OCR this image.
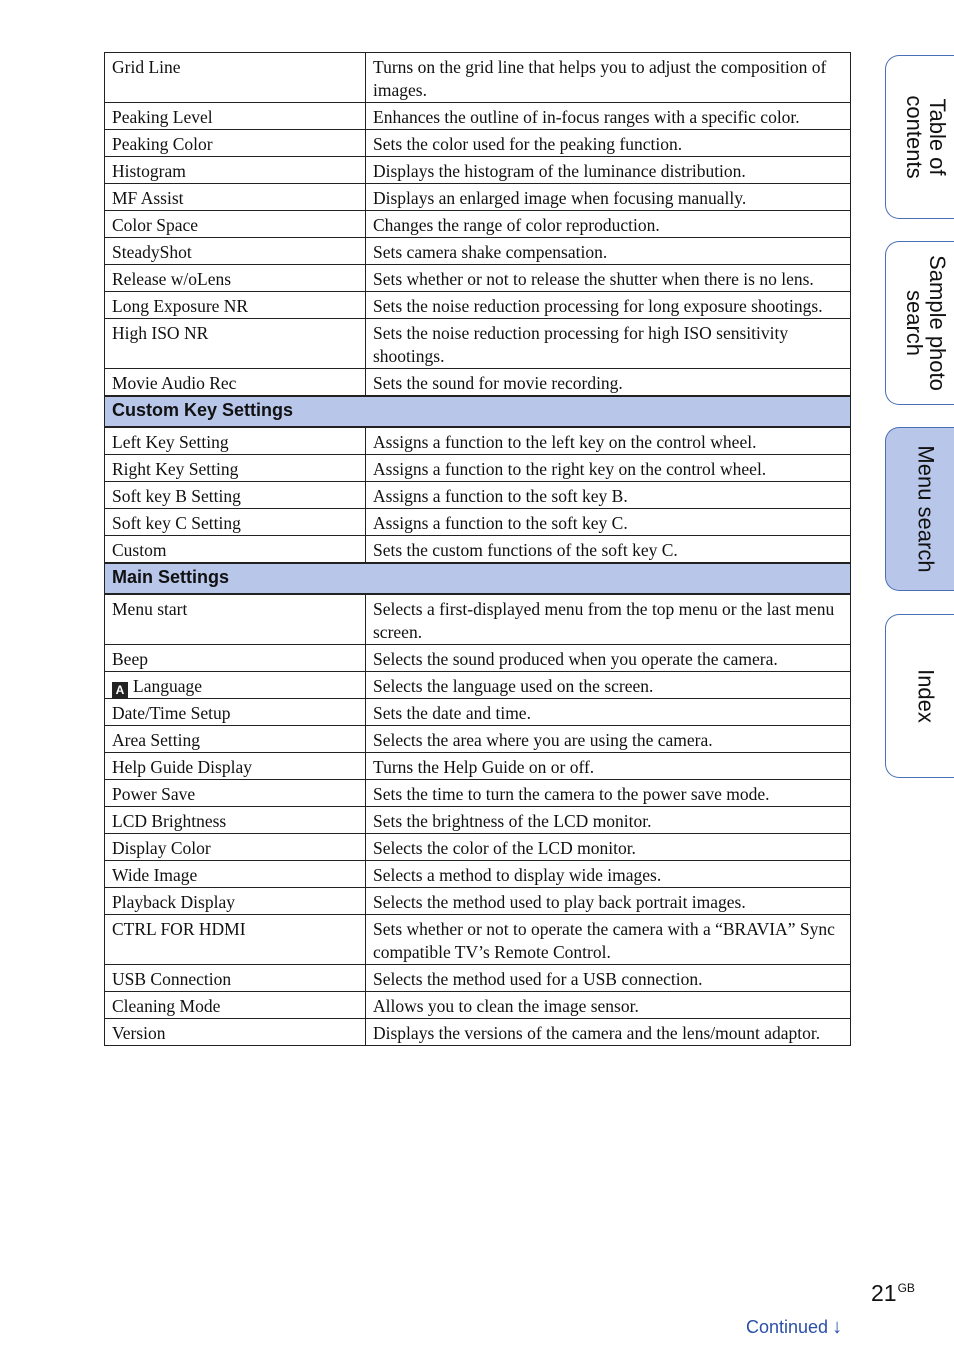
Grid Line	Turns on the grid line that helps you to adjust the composition of images.
Peaking Level	Enhances the outline of in-focus ranges with a specific color.
Peaking Color	Sets the color used for the peaking function.
Histogram	Displays the histogram of the luminance distribution.
MF Assist	Displays an enlarged image when focusing manually.
Color Space	Changes the range of color reproduction.
SteadyShot	Sets camera shake compensation.
Release w/oLens	Sets whether or not to release the shutter when there is no lens.
Long Exposure NR	Sets the noise reduction processing for long exposure shootings.
High ISO NR	Sets the noise reduction processing for high ISO sensitivity shootings.
Movie Audio Rec	Sets the sound for movie recording.
Custom Key Settings	
Left Key Setting	Assigns a function to the left key on the control wheel.
Right Key Setting	Assigns a function to the right key on the control wheel.
Soft key B Setting	Assigns a function to the soft key B.
Soft key C Setting	Assigns a function to the soft key C.
Custom	Sets the custom functions of the soft key C.
Main Settings	
Menu start	Selects a first-displayed menu from the top menu or the last menu screen.
Beep	Selects the sound produced when you operate the camera.
A Language	Selects the language used on the screen.
Date/Time Setup	Sets the date and time.
Area Setting	Selects the area where you are using the camera.
Help Guide Display	Turns the Help Guide on or off.
Power Save	Sets the time to turn the camera to the power save mode.
LCD Brightness	Sets the brightness of the LCD monitor.
Display Color	Selects the color of the LCD monitor.
Wide Image	Selects a method to display wide images.
Playback Display	Selects the method used to play back portrait images.
CTRL FOR HDMI	Sets whether or not to operate the camera with a “BRAVIA” Sync compatible TV’s Remote Control.
USB Connection	Selects the method used for a USB connection.
Cleaning Mode	Allows you to clean the image sensor.
Version	Displays the versions of the camera and the lens/mount adaptor.
Table of contents
Sample photo search
Menu search
Index
$21^{GB}$
Continued ↓
